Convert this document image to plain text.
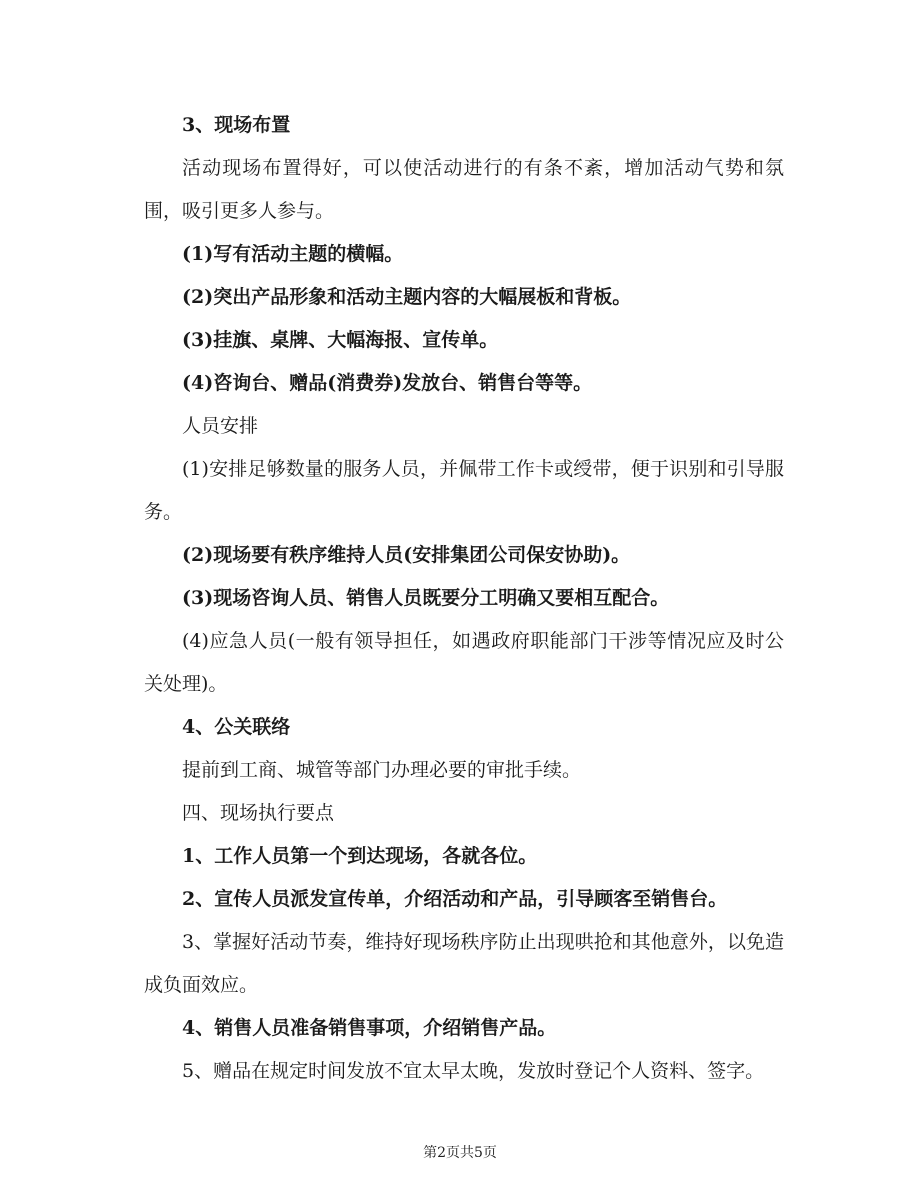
3、现场布置

活动现场布置得好，可以使活动进行的有条不紊，增加活动气势和氛围，吸引更多人参与。

(1)写有活动主题的横幅。

(2)突出产品形象和活动主题内容的大幅展板和背板。

(3)挂旗、桌牌、大幅海报、宣传单。

(4)咨询台、赠品(消费券)发放台、销售台等等。

人员安排

(1)安排足够数量的服务人员，并佩带工作卡或绶带，便于识别和引导服务。

(2)现场要有秩序维持人员(安排集团公司保安协助)。

(3)现场咨询人员、销售人员既要分工明确又要相互配合。

(4)应急人员(一般有领导担任，如遇政府职能部门干涉等情况应及时公关处理)。

4、公关联络

提前到工商、城管等部门办理必要的审批手续。

四、现场执行要点

1、工作人员第一个到达现场，各就各位。

2、宣传人员派发宣传单，介绍活动和产品，引导顾客至销售台。

3、掌握好活动节奏，维持好现场秩序防止出现哄抢和其他意外，以免造成负面效应。

4、销售人员准备销售事项，介绍销售产品。

5、赠品在规定时间发放不宜太早太晚，发放时登记个人资料、签字。

第2页共5页
